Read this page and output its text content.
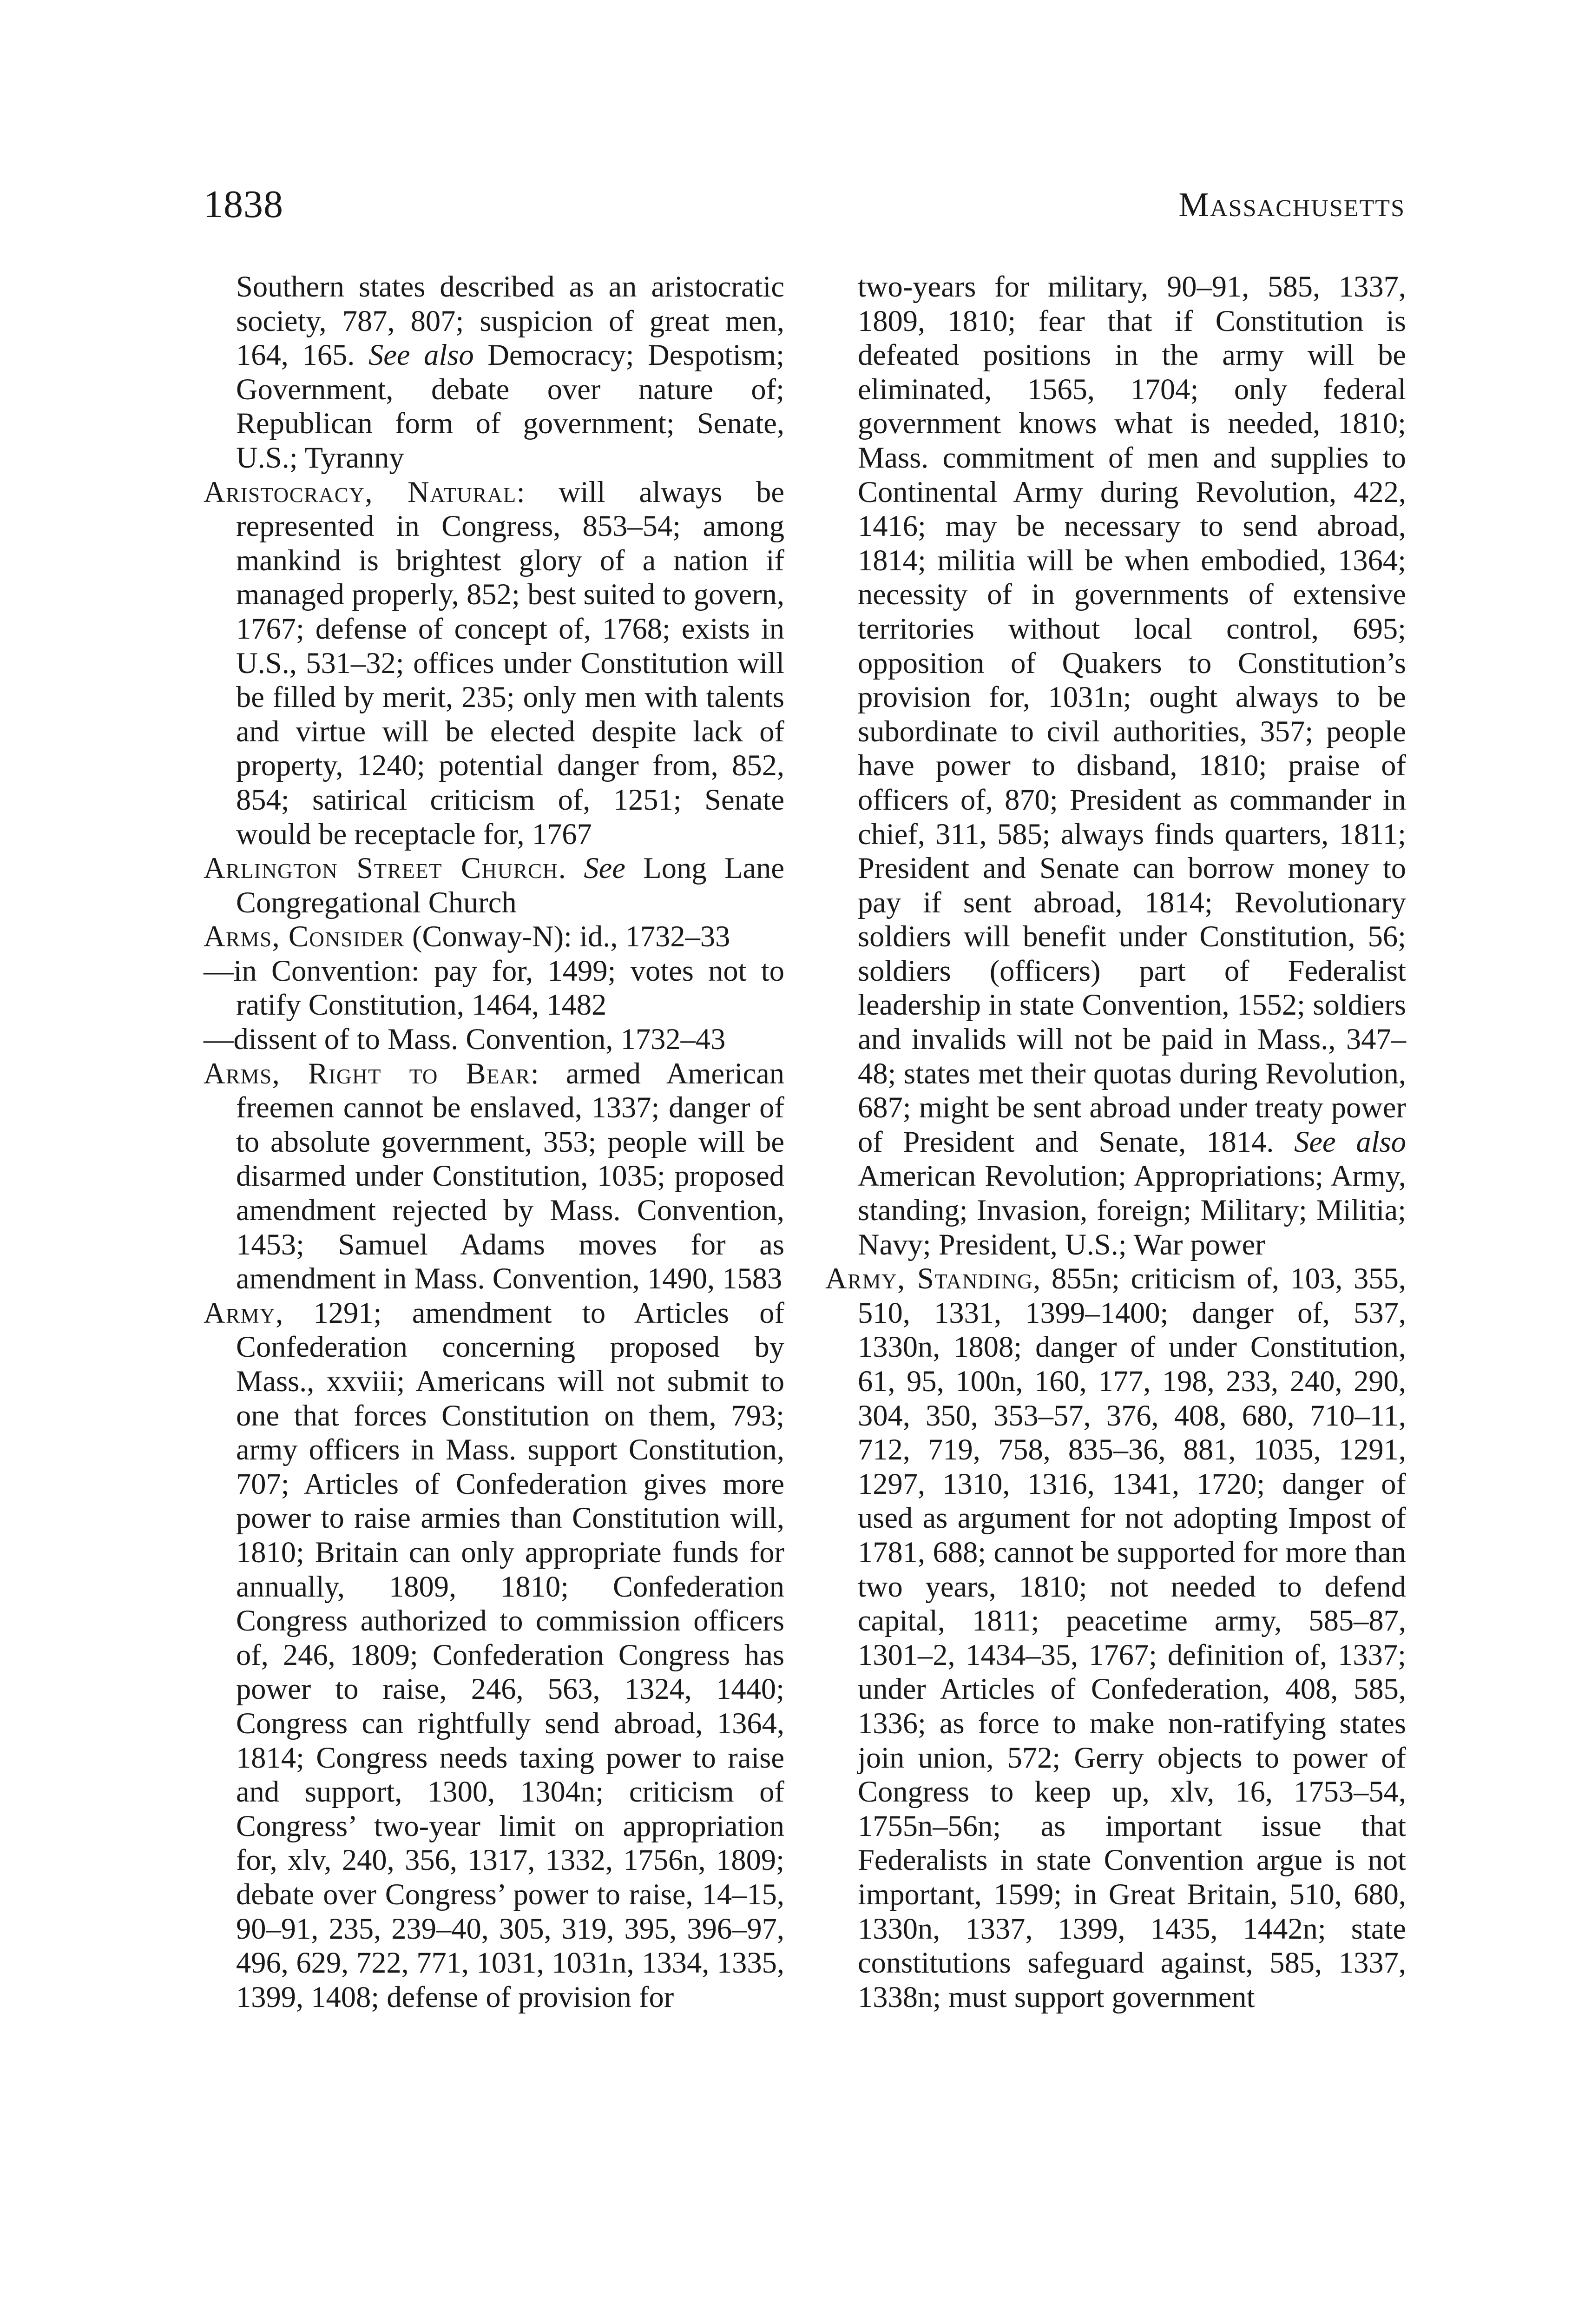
1838	Massachusetts

Southern states described as an aristocratic society, 787, 807; suspicion of great men, 164, 165. See also Democracy; Despotism; Government, debate over nature of; Republican form of government; Senate, U.S.; Tyranny

Aristocracy, Natural: will always be represented in Congress, 853–54; among mankind is brightest glory of a nation if managed properly, 852; best suited to govern, 1767; defense of concept of, 1768; exists in U.S., 531–32; offices under Constitution will be filled by merit, 235; only men with talents and virtue will be elected despite lack of property, 1240; potential danger from, 852, 854; satirical criticism of, 1251; Senate would be receptacle for, 1767

Arlington Street Church. See Long Lane Congregational Church

Arms, Consider (Conway-N): id., 1732–33

—in Convention: pay for, 1499; votes not to ratify Constitution, 1464, 1482

—dissent of to Mass. Convention, 1732–43

Arms, Right to Bear: armed American freemen cannot be enslaved, 1337; danger of to absolute government, 353; people will be disarmed under Constitution, 1035; proposed amendment rejected by Mass. Convention, 1453; Samuel Adams moves for as amendment in Mass. Convention, 1490, 1583

Army, 1291; amendment to Articles of Confederation concerning proposed by Mass., xxviii; Americans will not submit to one that forces Constitution on them, 793; army officers in Mass. support Constitution, 707; Articles of Confederation gives more power to raise armies than Constitution will, 1810; Britain can only appropriate funds for annually, 1809, 1810; Confederation Congress authorized to commission officers of, 246, 1809; Confederation Congress has power to raise, 246, 563, 1324, 1440; Congress can rightfully send abroad, 1364, 1814; Congress needs taxing power to raise and support, 1300, 1304n; criticism of Congress’ two-year limit on appropriation for, xlv, 240, 356, 1317, 1332, 1756n, 1809; debate over Congress’ power to raise, 14–15, 90–91, 235, 239–40, 305, 319, 395, 396–97, 496, 629, 722, 771, 1031, 1031n, 1334, 1335, 1399, 1408; defense of provision for

two-years for military, 90–91, 585, 1337, 1809, 1810; fear that if Constitution is defeated positions in the army will be eliminated, 1565, 1704; only federal government knows what is needed, 1810; Mass. commitment of men and supplies to Continental Army during Revolution, 422, 1416; may be necessary to send abroad, 1814; militia will be when embodied, 1364; necessity of in governments of extensive territories without local control, 695; opposition of Quakers to Constitution’s provision for, 1031n; ought always to be subordinate to civil authorities, 357; people have power to disband, 1810; praise of officers of, 870; President as commander in chief, 311, 585; always finds quarters, 1811; President and Senate can borrow money to pay if sent abroad, 1814; Revolutionary soldiers will benefit under Constitution, 56; soldiers (officers) part of Federalist leadership in state Convention, 1552; soldiers and invalids will not be paid in Mass., 347–48; states met their quotas during Revolution, 687; might be sent abroad under treaty power of President and Senate, 1814. See also American Revolution; Appropriations; Army, standing; Invasion, foreign; Military; Militia; Navy; President, U.S.; War power

Army, Standing, 855n; criticism of, 103, 355, 510, 1331, 1399–1400; danger of, 537, 1330n, 1808; danger of under Constitution, 61, 95, 100n, 160, 177, 198, 233, 240, 290, 304, 350, 353–57, 376, 408, 680, 710–11, 712, 719, 758, 835–36, 881, 1035, 1291, 1297, 1310, 1316, 1341, 1720; danger of used as argument for not adopting Impost of 1781, 688; cannot be supported for more than two years, 1810; not needed to defend capital, 1811; peacetime army, 585–87, 1301–2, 1434–35, 1767; definition of, 1337; under Articles of Confederation, 408, 585, 1336; as force to make non-ratifying states join union, 572; Gerry objects to power of Congress to keep up, xlv, 16, 1753–54, 1755n–56n; as important issue that Federalists in state Convention argue is not important, 1599; in Great Britain, 510, 680, 1330n, 1337, 1399, 1435, 1442n; state constitutions safeguard against, 585, 1337, 1338n; must support government
